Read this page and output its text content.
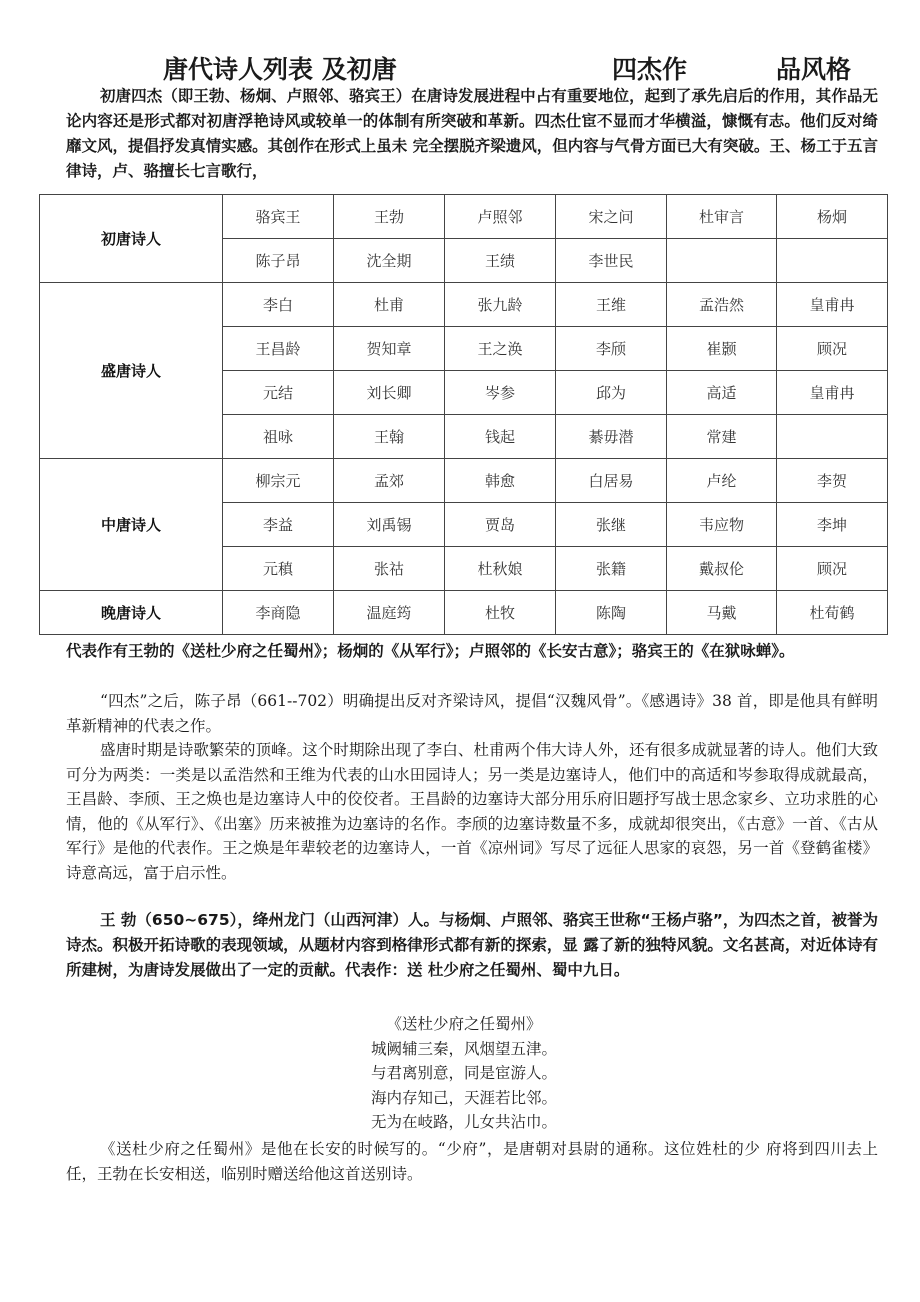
唐代诗人列表 及初唐	四杰作	品风格

初唐四杰（即王勃、杨炯、卢照邻、骆宾王）在唐诗发展进程中占有重要地位，起到了承先启后的作用，其作品无论内容还是形式都对初唐浮艳诗风或较单一的体制有所突破和革新。四杰仕宦不显而才华横溢，慷慨有志。他们反对绮靡文风，提倡抒发真情实感。其创作在形式上虽未 完全摆脱齐梁遗风，但内容与气骨方面已大有突破。王、杨工于五言律诗，卢、骆擅长七言歌行，

初唐诗人	骆宾王	王勃	卢照邻	宋之问	杜审言	杨炯
	陈子昂	沈全期	王绩	李世民		
盛唐诗人	李白	杜甫	张九龄	王维	孟浩然	皇甫冉
	王昌龄	贺知章	王之涣	李颀	崔颢	顾况
	元结	刘长卿	岑参	邱为	高适	皇甫冉
	祖咏	王翰	钱起	綦毋潜	常建	
中唐诗人	柳宗元	孟郊	韩愈	白居易	卢纶	李贺
	李益	刘禹锡	贾岛	张继	韦应物	李坤
	元稹	张祜	杜秋娘	张籍	戴叔伦	顾况
晚唐诗人	李商隐	温庭筠	杜牧	陈陶	马戴	杜荀鹤

代表作有王勃的《送杜少府之任蜀州》；杨炯的《从军行》；卢照邻的《长安古意》；骆宾王的《在狱咏蝉》。

“四杰”之后，陈子昂（661--702）明确提出反对齐梁诗风，提倡“汉魏风骨”。《感遇诗》38 首，即是他具有鲜明革新精神的代表之作。

盛唐时期是诗歌繁荣的顶峰。这个时期除出现了李白、杜甫两个伟大诗人外，还有很多成就显著的诗人。他们大致可分为两类：一类是以孟浩然和王维为代表的山水田园诗人；另一类是边塞诗人，他们中的高适和岑参取得成就最高，王昌龄、李颀、王之焕也是边塞诗人中的佼佼者。王昌龄的边塞诗大部分用乐府旧题抒写战士思念家乡、立功求胜的心情，他的《从军行》、《出塞》历来被推为边塞诗的名作。李颀的边塞诗数量不多，成就却很突出，《古意》一首、《古从军行》是他的代表作。王之焕是年辈较老的边塞诗人，一首《凉州词》写尽了远征人思家的哀怨，另一首《登鹤雀楼》诗意高远，富于启示性。

王 勃（650~675），绛州龙门（山西河津）人。与杨炯、卢照邻、骆宾王世称“王杨卢骆”，为四杰之首，被誉为诗杰。积极开拓诗歌的表现领域，从题材内容到格律形式都有新的探索，显 露了新的独特风貌。文名甚高，对近体诗有所建树，为唐诗发展做出了一定的贡献。代表作：送 杜少府之任蜀州、蜀中九日。

《送杜少府之任蜀州》
城阙辅三秦，风烟望五津。
与君离别意，同是宦游人。
海内存知己，天涯若比邻。
无为在岐路，儿女共沾巾。

《送杜少府之任蜀州》是他在长安的时候写的。“少府”，是唐朝对县尉的通称。这位姓杜的少 府将到四川去上任，王勃在长安相送，临别时赠送给他这首送别诗。
